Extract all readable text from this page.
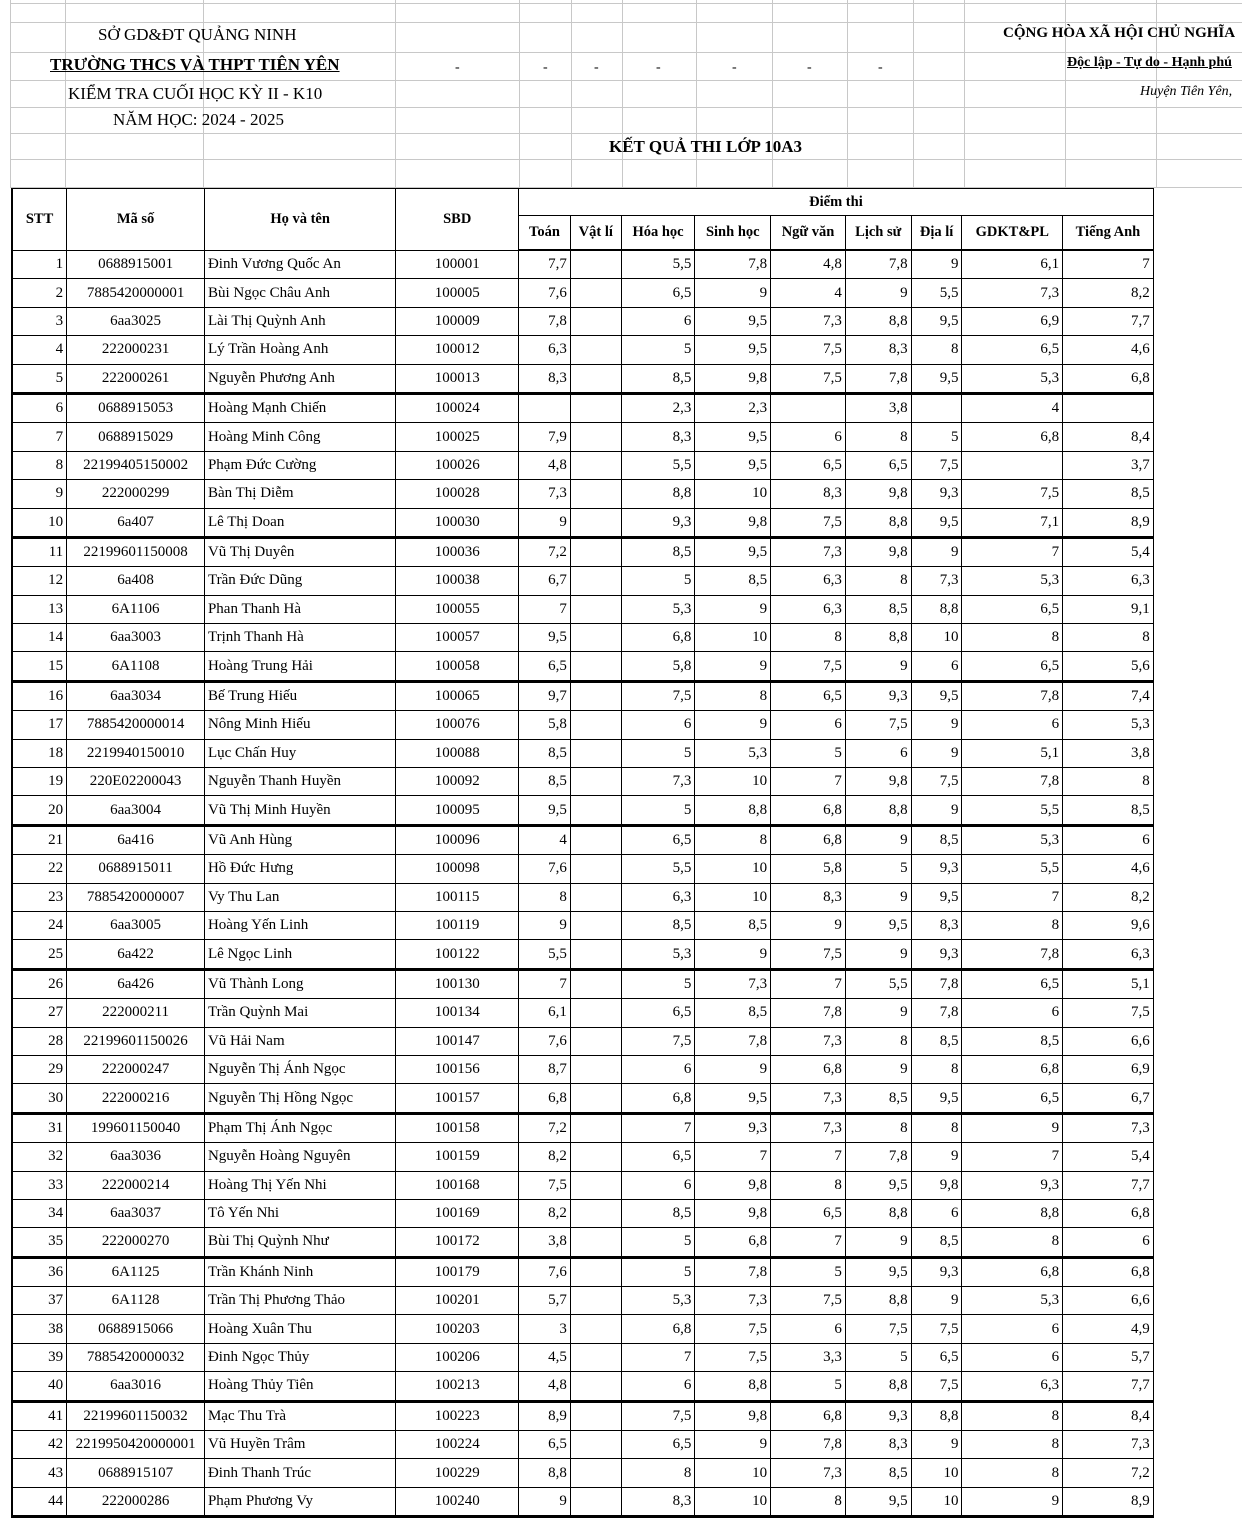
SỞ GD&ĐT QUẢNG NINH
TRƯỜNG THCS VÀ THPT TIÊN YÊN
KIỂM TRA CUỐI HỌC KỲ II - K10
NĂM HỌC: 2024 - 2025
CỘNG HÒA XÃ HỘI CHỦ NGHĨA
Độc lập - Tự do - Hạnh phú
Huyện Tiên Yên,
KẾT QUẢ THI LỚP 10A3
-	-	-	-	-	-	-
STT	Mã số	Họ và tên	SBD	Điểm thi									
				Toán	Vật lí	Hóa học	Sinh học	Ngữ văn	Lịch sử	Địa lí	GDKT&PL	Tiếng Anh	
1	0688915001	Đinh Vương Quốc An	100001	7,7		5,5	7,8	4,8	7,8	9	6,1	7	
2	7885420000001	Bùi Ngọc Châu Anh	100005	7,6		6,5	9	4	9	5,5	7,3	8,2	
3	6aa3025	Lài Thị Quỳnh Anh	100009	7,8		6	9,5	7,3	8,8	9,5	6,9	7,7	
4	222000231	Lý Trần Hoàng Anh	100012	6,3		5	9,5	7,5	8,3	8	6,5	4,6	
5	222000261	Nguyễn Phương Anh	100013	8,3		8,5	9,8	7,5	7,8	9,5	5,3	6,8	
6	0688915053	Hoàng Mạnh Chiến	100024			2,3	2,3		3,8		4		
7	0688915029	Hoàng Minh Công	100025	7,9		8,3	9,5	6	8	5	6,8	8,4	
8	22199405150002	Phạm Đức Cường	100026	4,8		5,5	9,5	6,5	6,5	7,5		3,7	
9	222000299	Bàn Thị Diễm	100028	7,3		8,8	10	8,3	9,8	9,3	7,5	8,5	
10	6a407	Lê Thị Doan	100030	9		9,3	9,8	7,5	8,8	9,5	7,1	8,9	
11	22199601150008	Vũ Thị Duyên	100036	7,2		8,5	9,5	7,3	9,8	9	7	5,4	
12	6a408	Trần Đức Dũng	100038	6,7		5	8,5	6,3	8	7,3	5,3	6,3	
13	6A1106	Phan Thanh Hà	100055	7		5,3	9	6,3	8,5	8,8	6,5	9,1	
14	6aa3003	Trịnh Thanh Hà	100057	9,5		6,8	10	8	8,8	10	8	8	
15	6A1108	Hoàng Trung Hải	100058	6,5		5,8	9	7,5	9	6	6,5	5,6	
16	6aa3034	Bế Trung Hiếu	100065	9,7		7,5	8	6,5	9,3	9,5	7,8	7,4	
17	7885420000014	Nông Minh Hiếu	100076	5,8		6	9	6	7,5	9	6	5,3	
18	2219940150010	Lục Chấn Huy	100088	8,5		5	5,3	5	6	9	5,1	3,8	
19	220E02200043	Nguyễn Thanh Huyền	100092	8,5		7,3	10	7	9,8	7,5	7,8	8	
20	6aa3004	Vũ Thị Minh Huyền	100095	9,5		5	8,8	6,8	8,8	9	5,5	8,5	
21	6a416	Vũ Anh Hùng	100096	4		6,5	8	6,8	9	8,5	5,3	6	
22	0688915011	Hồ Đức Hưng	100098	7,6		5,5	10	5,8	5	9,3	5,5	4,6	
23	7885420000007	Vy Thu Lan	100115	8		6,3	10	8,3	9	9,5	7	8,2	
24	6aa3005	Hoàng Yến Linh	100119	9		8,5	8,5	9	9,5	8,3	8	9,6	
25	6a422	Lê Ngọc Linh	100122	5,5		5,3	9	7,5	9	9,3	7,8	6,3	
26	6a426	Vũ Thành Long	100130	7		5	7,3	7	5,5	7,8	6,5	5,1	
27	222000211	Trần Quỳnh Mai	100134	6,1		6,5	8,5	7,8	9	7,8	6	7,5	
28	22199601150026	Vũ Hải Nam	100147	7,6		7,5	7,8	7,3	8	8,5	8,5	6,6	
29	222000247	Nguyễn Thị Ánh Ngọc	100156	8,7		6	9	6,8	9	8	6,8	6,9	
30	222000216	Nguyễn Thị Hồng Ngọc	100157	6,8		6,8	9,5	7,3	8,5	9,5	6,5	6,7	
31	199601150040	Phạm Thị Ánh Ngọc	100158	7,2		7	9,3	7,3	8	8	9	7,3	
32	6aa3036	Nguyễn Hoàng Nguyên	100159	8,2		6,5	7	7	7,8	9	7	5,4	
33	222000214	Hoàng Thị Yến Nhi	100168	7,5		6	9,8	8	9,5	9,8	9,3	7,7	
34	6aa3037	Tô Yến Nhi	100169	8,2		8,5	9,8	6,5	8,8	6	8,8	6,8	
35	222000270	Bùi Thị Quỳnh Như	100172	3,8		5	6,8	7	9	8,5	8	6	
36	6A1125	Trần Khánh Ninh	100179	7,6		5	7,8	5	9,5	9,3	6,8	6,8	
37	6A1128	Trần Thị Phương Thảo	100201	5,7		5,3	7,3	7,5	8,8	9	5,3	6,6	
38	0688915066	Hoàng Xuân Thu	100203	3		6,8	7,5	6	7,5	7,5	6	4,9	
39	7885420000032	Đinh Ngọc Thủy	100206	4,5		7	7,5	3,3	5	6,5	6	5,7	
40	6aa3016	Hoàng Thủy Tiên	100213	4,8		6	8,8	5	8,8	7,5	6,3	7,7	
41	22199601150032	Mạc Thu Trà	100223	8,9		7,5	9,8	6,8	9,3	8,8	8	8,4	
42	2219950420000001	Vũ Huyền Trâm	100224	6,5		6,5	9	7,8	8,3	9	8	7,3	
43	0688915107	Đinh Thanh Trúc	100229	8,8		8	10	7,3	8,5	10	8	7,2	
44	222000286	Phạm Phương Vy	100240	9		8,3	10	8	9,5	10	9	8,9	
